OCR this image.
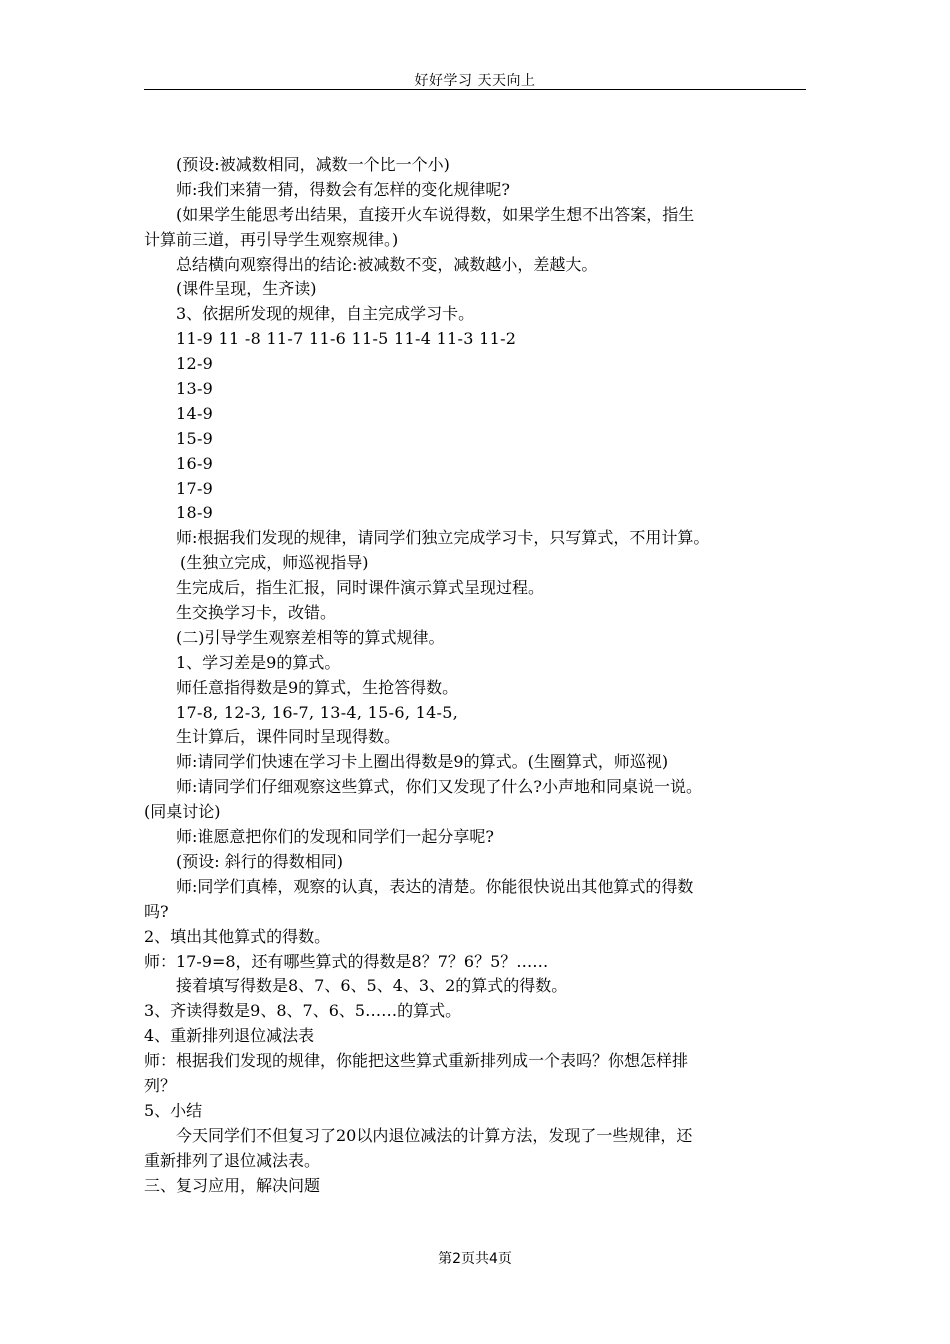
好好学习 天天向上
(预设:被减数相同，减数一个比一个小)
师:我们来猜一猜，得数会有怎样的变化规律呢?
(如果学生能思考出结果，直接开火车说得数，如果学生想不出答案，指生
计算前三道，再引导学生观察规律。)
总结横向观察得出的结论:被减数不变，减数越小，差越大。
(课件呈现，生齐读)
3、依据所发现的规律，自主完成学习卡。
11-9 11 -8 11-7 11-6 11-5 11-4 11-3 11-2
12-9
13-9
14-9
15-9
16-9
17-9
18-9
师:根据我们发现的规律，请同学们独立完成学习卡，只写算式，不用计算。
(生独立完成，师巡视指导)
生完成后，指生汇报，同时课件演示算式呈现过程。
生交换学习卡，改错。
(二)引导学生观察差相等的算式规律。
1、学习差是9的算式。
师任意指得数是9的算式，生抢答得数。
17-8, 12-3, 16-7, 13-4, 15-6, 14-5,
生计算后，课件同时呈现得数。
师:请同学们快速在学习卡上圈出得数是9的算式。(生圈算式，师巡视)
师:请同学们仔细观察这些算式，你们又发现了什么?小声地和同桌说一说。
(同桌讨论)
师:谁愿意把你们的发现和同学们一起分享呢?
(预设: 斜行的得数相同)
师:同学们真棒，观察的认真，表达的清楚。你能很快说出其他算式的得数
吗?
2、填出其他算式的得数。
师：17-9=8，还有哪些算式的得数是8？7？6？5？……
接着填写得数是8、7、6、5、4、3、2的算式的得数。
3、齐读得数是9、8、7、6、5……的算式。
4、重新排列退位减法表
师：根据我们发现的规律，你能把这些算式重新排列成一个表吗？你想怎样排
列？
5、小结
今天同学们不但复习了20以内退位减法的计算方法，发现了一些规律，还
重新排列了退位减法表。
三、复习应用，解决问题
第2页共4页
